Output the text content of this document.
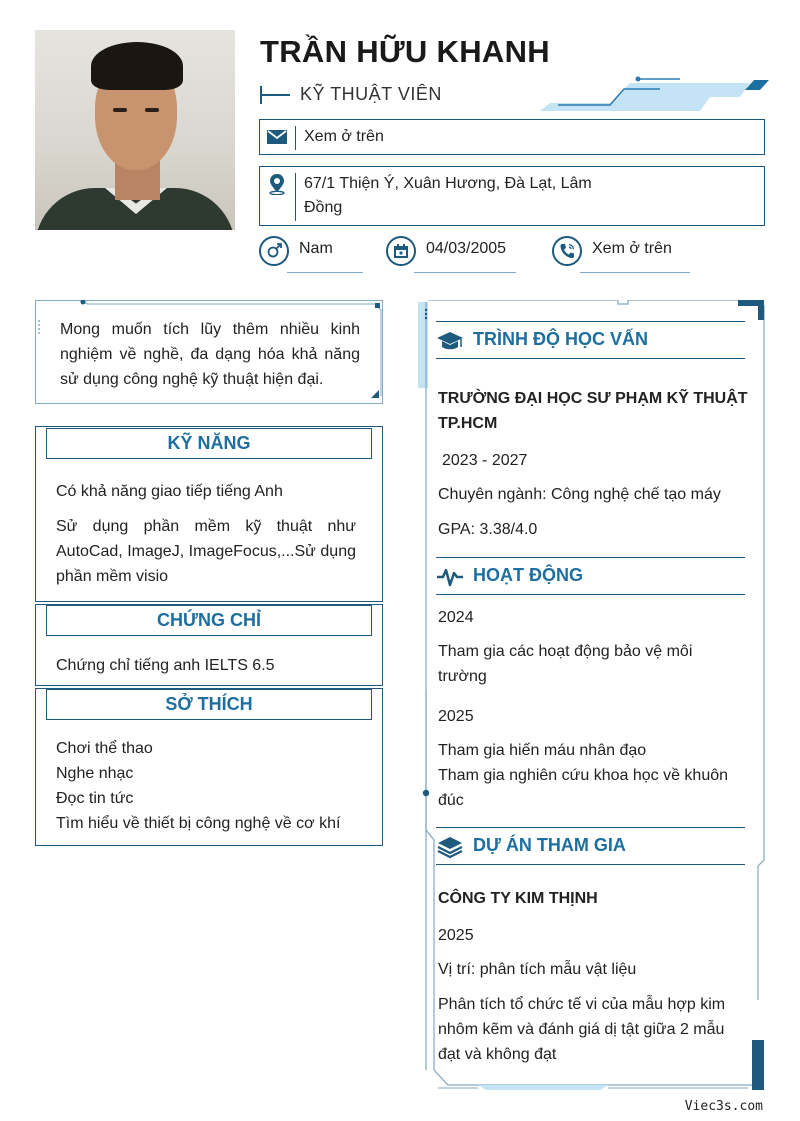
TRẦN HỮU KHANH
KỸ THUẬT VIÊN
Xem ở trên
67/1 Thiện Ý, Xuân Hương, Đà Lạt, Lâm Đồng
Nam	04/03/2005	Xem ở trên
Mong muốn tích lũy thêm nhiều kinh nghiệm về nghề, đa dạng hóa khả năng sử dụng công nghệ kỹ thuật hiện đại.
KỸ NĂNG

Có khả năng giao tiếp tiếng Anh

Sử dụng phần mềm kỹ thuật như AutoCad, ImageJ, ImageFocus,...Sử dụng phần mềm visio

CHỨNG CHỈ

Chứng chỉ tiếng anh IELTS 6.5

SỞ THÍCH

Chơi thể thao

Nghe nhạc

Đọc tin tức

Tìm hiểu về thiết bị công nghệ về cơ khí

TRÌNH ĐỘ HỌC VẤN
TRƯỜNG ĐẠI HỌC SƯ PHẠM KỸ THUẬT TP.HCM
2023 - 2027
Chuyên ngành: Công nghệ chế tạo máy
GPA: 3.38/4.0
HOẠT ĐỘNG
2024
Tham gia các hoạt động bảo vệ môi trường
2025
Tham gia hiến máu nhân đạo
Tham gia nghiên cứu khoa học về khuôn đúc
DỰ ÁN THAM GIA
CÔNG TY KIM THỊNH
2025
Vị trí: phân tích mẫu vật liệu
Phân tích tổ chức tế vi của mẫu hợp kim nhôm kẽm và đánh giá dị tật giữa 2 mẫu đạt và không đạt
Viec3s.com
